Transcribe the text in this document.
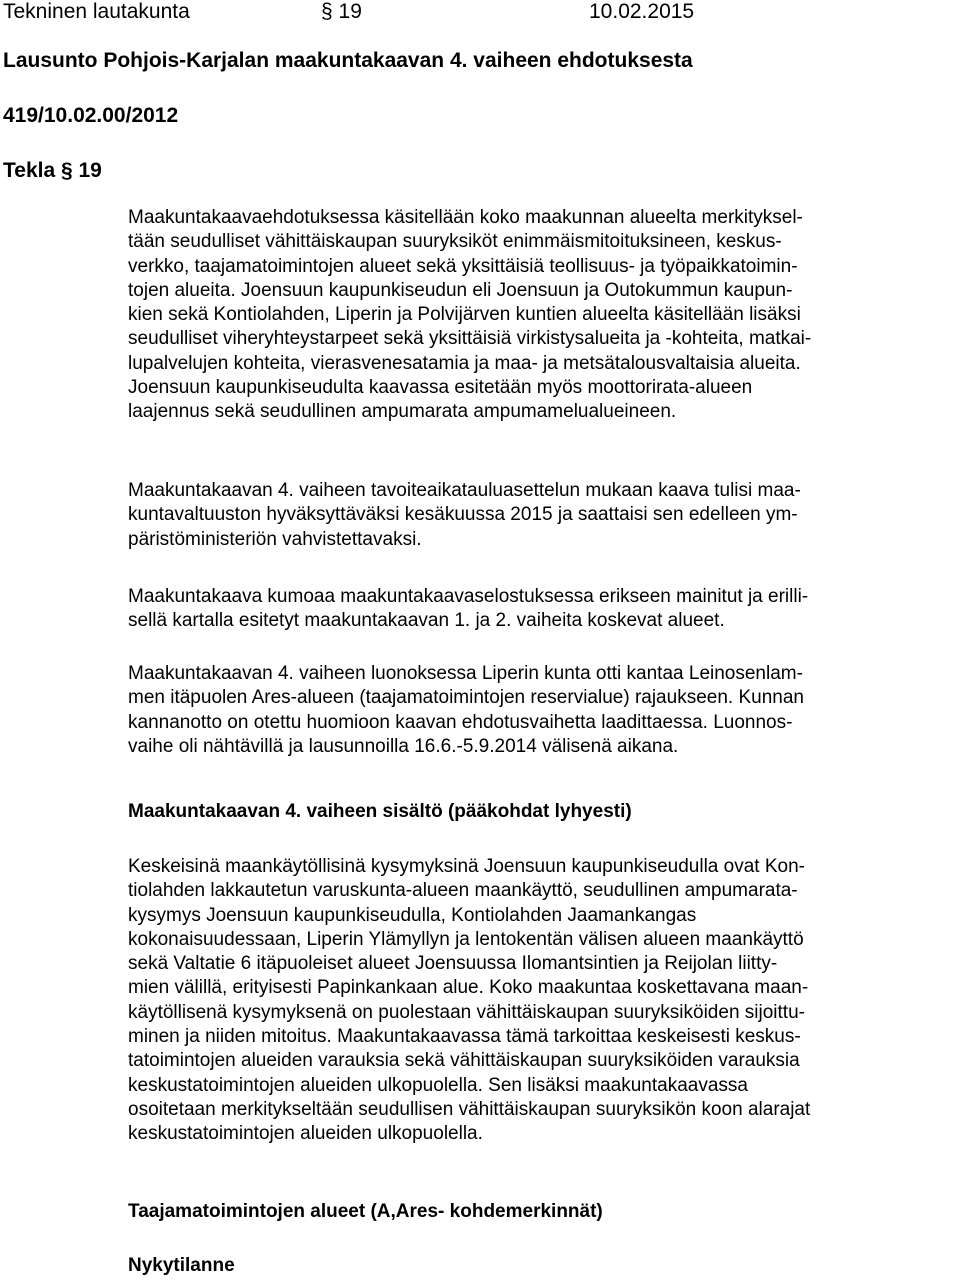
Tekninen lautakunta	§ 19	10.02.2015
Lausunto Pohjois-Karjalan maakuntakaavan 4. vaiheen ehdotuksesta
419/10.02.00/2012
Tekla § 19
Maakuntakaavaehdotuksessa käsitellään koko maakunnan alueelta merkityksel-
tään seudulliset vähittäiskaupan suuryksiköt enimmäismitoituksineen, keskus-
verkko, taajamatoimintojen alueet sekä yksittäisiä teollisuus- ja työpaikkatoimin-
tojen alueita. Joensuun kaupunkiseudun eli Joensuun ja Outokummun kaupun-
kien sekä Kontiolahden, Liperin ja Polvijärven kuntien alueelta käsitellään lisäksi
seudulliset viheryhteystarpeet sekä yksittäisiä virkistysalueita ja -kohteita, matkai-
lupalvelujen kohteita, vierasvenesatamia ja maa- ja metsätalousvaltaisia alueita.
Joensuun kaupunkiseudulta kaavassa esitetään myös moottorirata-alueen
laajennus sekä seudullinen ampumarata ampumamelualueineen.
Maakuntakaavan 4. vaiheen tavoiteaikatauluasettelun mukaan kaava tulisi maa-
kuntavaltuuston hyväksyttäväksi kesäkuussa 2015 ja saattaisi sen edelleen ym-
päristöministeriön vahvistettavaksi.
Maakuntakaava kumoaa maakuntakaavaselostuksessa erikseen mainitut ja erilli-
sellä kartalla esitetyt maakuntakaavan 1. ja 2. vaiheita koskevat alueet.
Maakuntakaavan 4. vaiheen luonoksessa Liperin kunta otti kantaa Leinosenlam-
men itäpuolen Ares-alueen (taajamatoimintojen reservialue) rajaukseen. Kunnan
kannanotto on otettu huomioon kaavan ehdotusvaihetta laadittaessa. Luonnos-
vaihe oli nähtävillä ja lausunnoilla 16.6.-5.9.2014 välisenä aikana.
Maakuntakaavan 4. vaiheen sisältö (pääkohdat lyhyesti)
Keskeisinä maankäytöllisinä kysymyksinä Joensuun kaupunkiseudulla ovat Kon-
tiolahden lakkautetun varuskunta-alueen maankäyttö, seudullinen ampumarata-
kysymys Joensuun kaupunkiseudulla, Kontiolahden Jaamankangas
kokonaisuudessaan, Liperin Ylämyllyn ja lentokentän välisen alueen maankäyttö
sekä Valtatie 6 itäpuoleiset alueet Joensuussa Ilomantsintien ja Reijolan liitty-
mien välillä, erityisesti Papinkankaan alue. Koko maakuntaa koskettavana maan-
käytöllisenä kysymyksenä on puolestaan vähittäiskaupan suuryksiköiden sijoittu-
minen ja niiden mitoitus. Maakuntakaavassa tämä tarkoittaa keskeisesti keskus-
tatoimintojen alueiden varauksia sekä vähittäiskaupan suuryksiköiden varauksia
keskustatoimintojen alueiden ulkopuolella. Sen lisäksi maakuntakaavassa
osoitetaan merkitykseltään seudullisen vähittäiskaupan suuryksikön koon alarajat
keskustatoimintojen alueiden ulkopuolella.
Taajamatoimintojen alueet (A,Ares- kohdemerkinnät)
Nykytilanne
